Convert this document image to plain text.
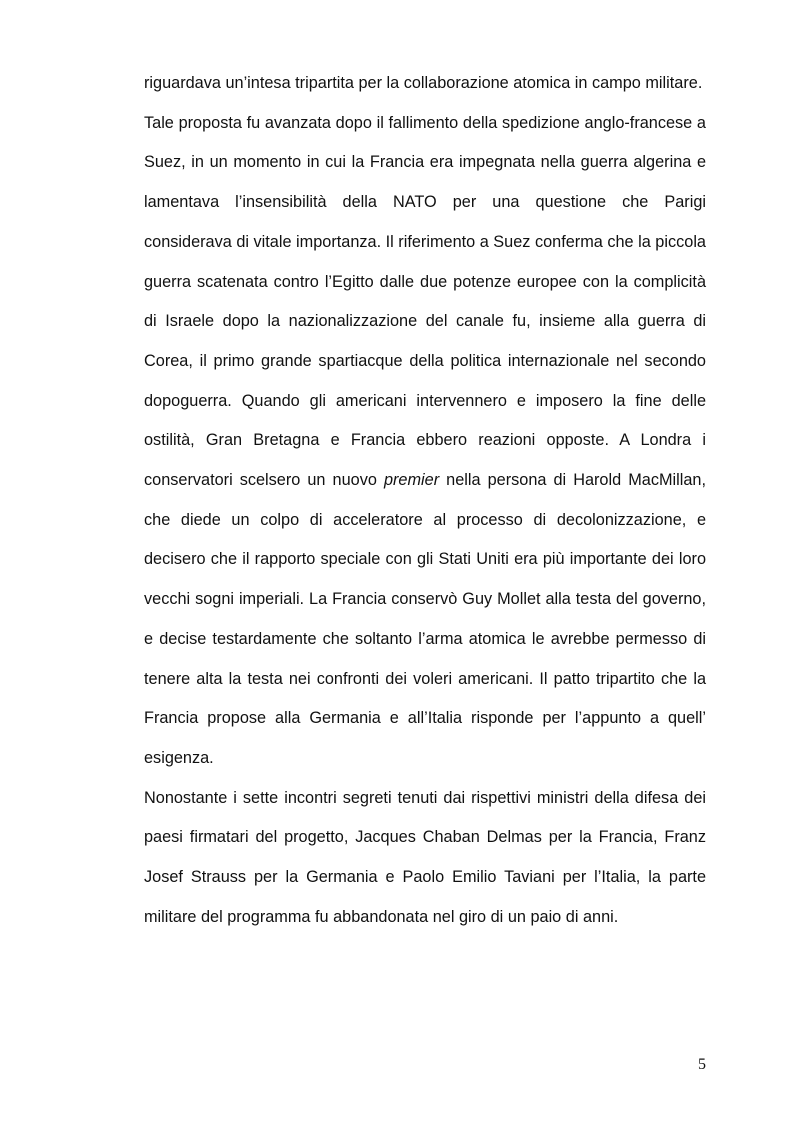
riguardava un’intesa tripartita per la collaborazione atomica in campo militare.

Tale proposta fu avanzata dopo il fallimento della spedizione anglo-francese a Suez, in un momento in cui la Francia era impegnata nella guerra algerina e lamentava l’insensibilità della NATO per una questione che Parigi considerava di vitale importanza. Il riferimento a Suez conferma che la piccola guerra scatenata contro l’Egitto dalle due potenze europee con la complicità di Israele dopo la nazionalizzazione del canale fu, insieme alla guerra di Corea, il primo grande spartiacque della politica internazionale nel secondo dopoguerra. Quando gli americani intervennero e imposero la fine delle ostilità, Gran Bretagna e Francia ebbero reazioni opposte. A Londra i conservatori scelsero un nuovo premier nella persona di Harold MacMillan, che diede un colpo di acceleratore al processo di decolonizzazione, e decisero che il rapporto speciale con gli Stati Uniti era più importante dei loro vecchi sogni imperiali. La Francia conservò Guy Mollet alla testa del governo, e decise testardamente che soltanto l’arma atomica le avrebbe permesso di tenere alta la testa nei confronti dei voleri americani. Il patto tripartito che la Francia propose alla Germania e all’Italia risponde per l’appunto a quell’ esigenza.

Nonostante i sette incontri segreti tenuti dai rispettivi ministri della difesa dei paesi firmatari del progetto, Jacques Chaban Delmas per la Francia, Franz Josef Strauss per la Germania e Paolo Emilio Taviani per l’Italia, la parte militare del programma fu abbandonata nel giro di un paio di anni.

5
